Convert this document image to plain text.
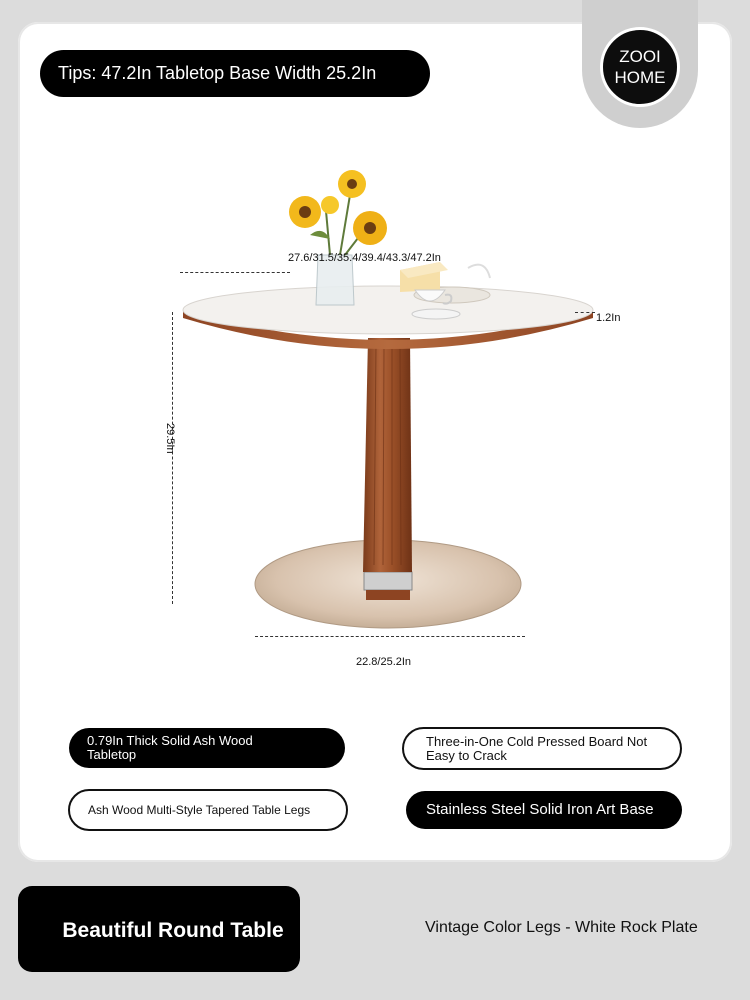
ZOOI
HOME
Tips: 47.2In Tabletop Base Width 25.2In
27.6/31.5/35.4/39.4/43.3/47.2In
1.2In
29.5In
22.8/25.2In
0.79In Thick Solid Ash Wood Tabletop
Three-in-One Cold Pressed Board Not Easy to Crack
Ash Wood Multi-Style Tapered Table Legs	Stainless Steel Solid Iron Art Base
Beautiful Round Table	Vintage Color Legs - White Rock Plate
